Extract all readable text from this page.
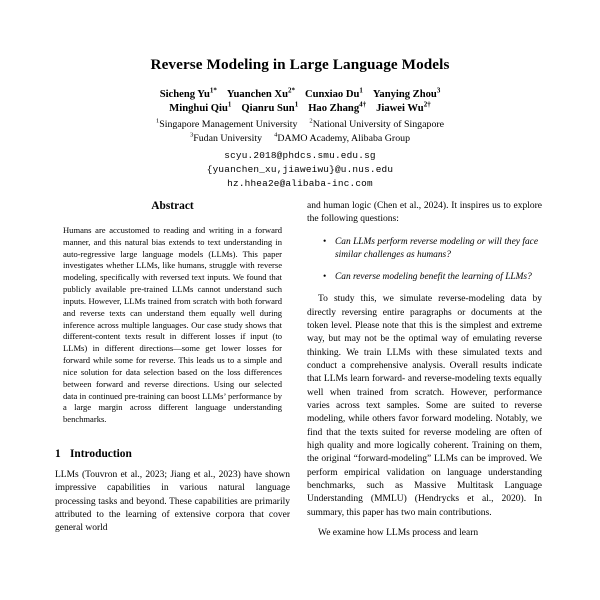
Reverse Modeling in Large Language Models
Sicheng $Yu^{1*}$ Yuanchen $Xu^{2*}$ Cunxiao Du$^1$ Yanying Zhou$^3$
Minghui Qiu$^1$ Qianru Sun$^1$ Hao Zhang$^{4\dagger}$ Jiawei $Wu^{2\dagger}$
$^1$Singapore Management University $^2$National University of Singapore
$^3$Fudan University $^4$DAMO Academy, Alibaba Group
scyu.2018@phdcs.smu.edu.sg
{yuanchen_xu,jiaweiwu}@u.nus.edu
hz.hhea2e@alibaba-inc.com
Abstract
Humans are accustomed to reading and writing in a forward manner, and this natural bias extends to text understanding in auto-regressive large language models (LLMs). This paper investigates whether LLMs, like humans, struggle with reverse modeling, specifically with reversed text inputs. We found that publicly available pre-trained LLMs cannot understand such inputs. However, LLMs trained from scratch with both forward and reverse texts can understand them equally well during inference across multiple languages. Our case study shows that different-content texts result in different losses if input (to LLMs) in different directions—some get lower losses for forward while some for reverse. This leads us to a simple and nice solution for data selection based on the loss differences between forward and reverse directions. Using our selected data in continued pre-training can boost LLMs’ performance by a large margin across different language understanding benchmarks.
1 Introduction

LLMs (Touvron et al., 2023; Jiang et al., 2023) have shown impressive capabilities in various natural language processing tasks and beyond. These capabilities are primarily attributed to the learning of extensive corpora that cover general world

and human logic (Chen et al., 2024). It inspires us to explore the following questions:

• Can LLMs perform reverse modeling or will they face similar challenges as humans?
• Can reverse modeling benefit the learning of LLMs?

To study this, we simulate reverse-modeling data by directly reversing entire paragraphs or documents at the token level. Please note that this is the simplest and extreme way, but may not be the optimal way of emulating reverse thinking. We train LLMs with these simulated texts and conduct a comprehensive analysis. Overall results indicate that LLMs learn forward- and reverse-modeling texts equally well when trained from scratch. However, performance varies across text samples. Some are suited to reverse modeling, while others favor forward modeling. Notably, we find that the texts suited for reverse modeling are often of high quality and more logically coherent. Training on them, the original “forward-modeling” LLMs can be improved. We perform empirical validation on language understanding benchmarks, such as Massive Multitask Language Understanding (MMLU) (Hendrycks et al., 2020). In summary, this paper has two main contributions.

We examine how LLMs process and learn
